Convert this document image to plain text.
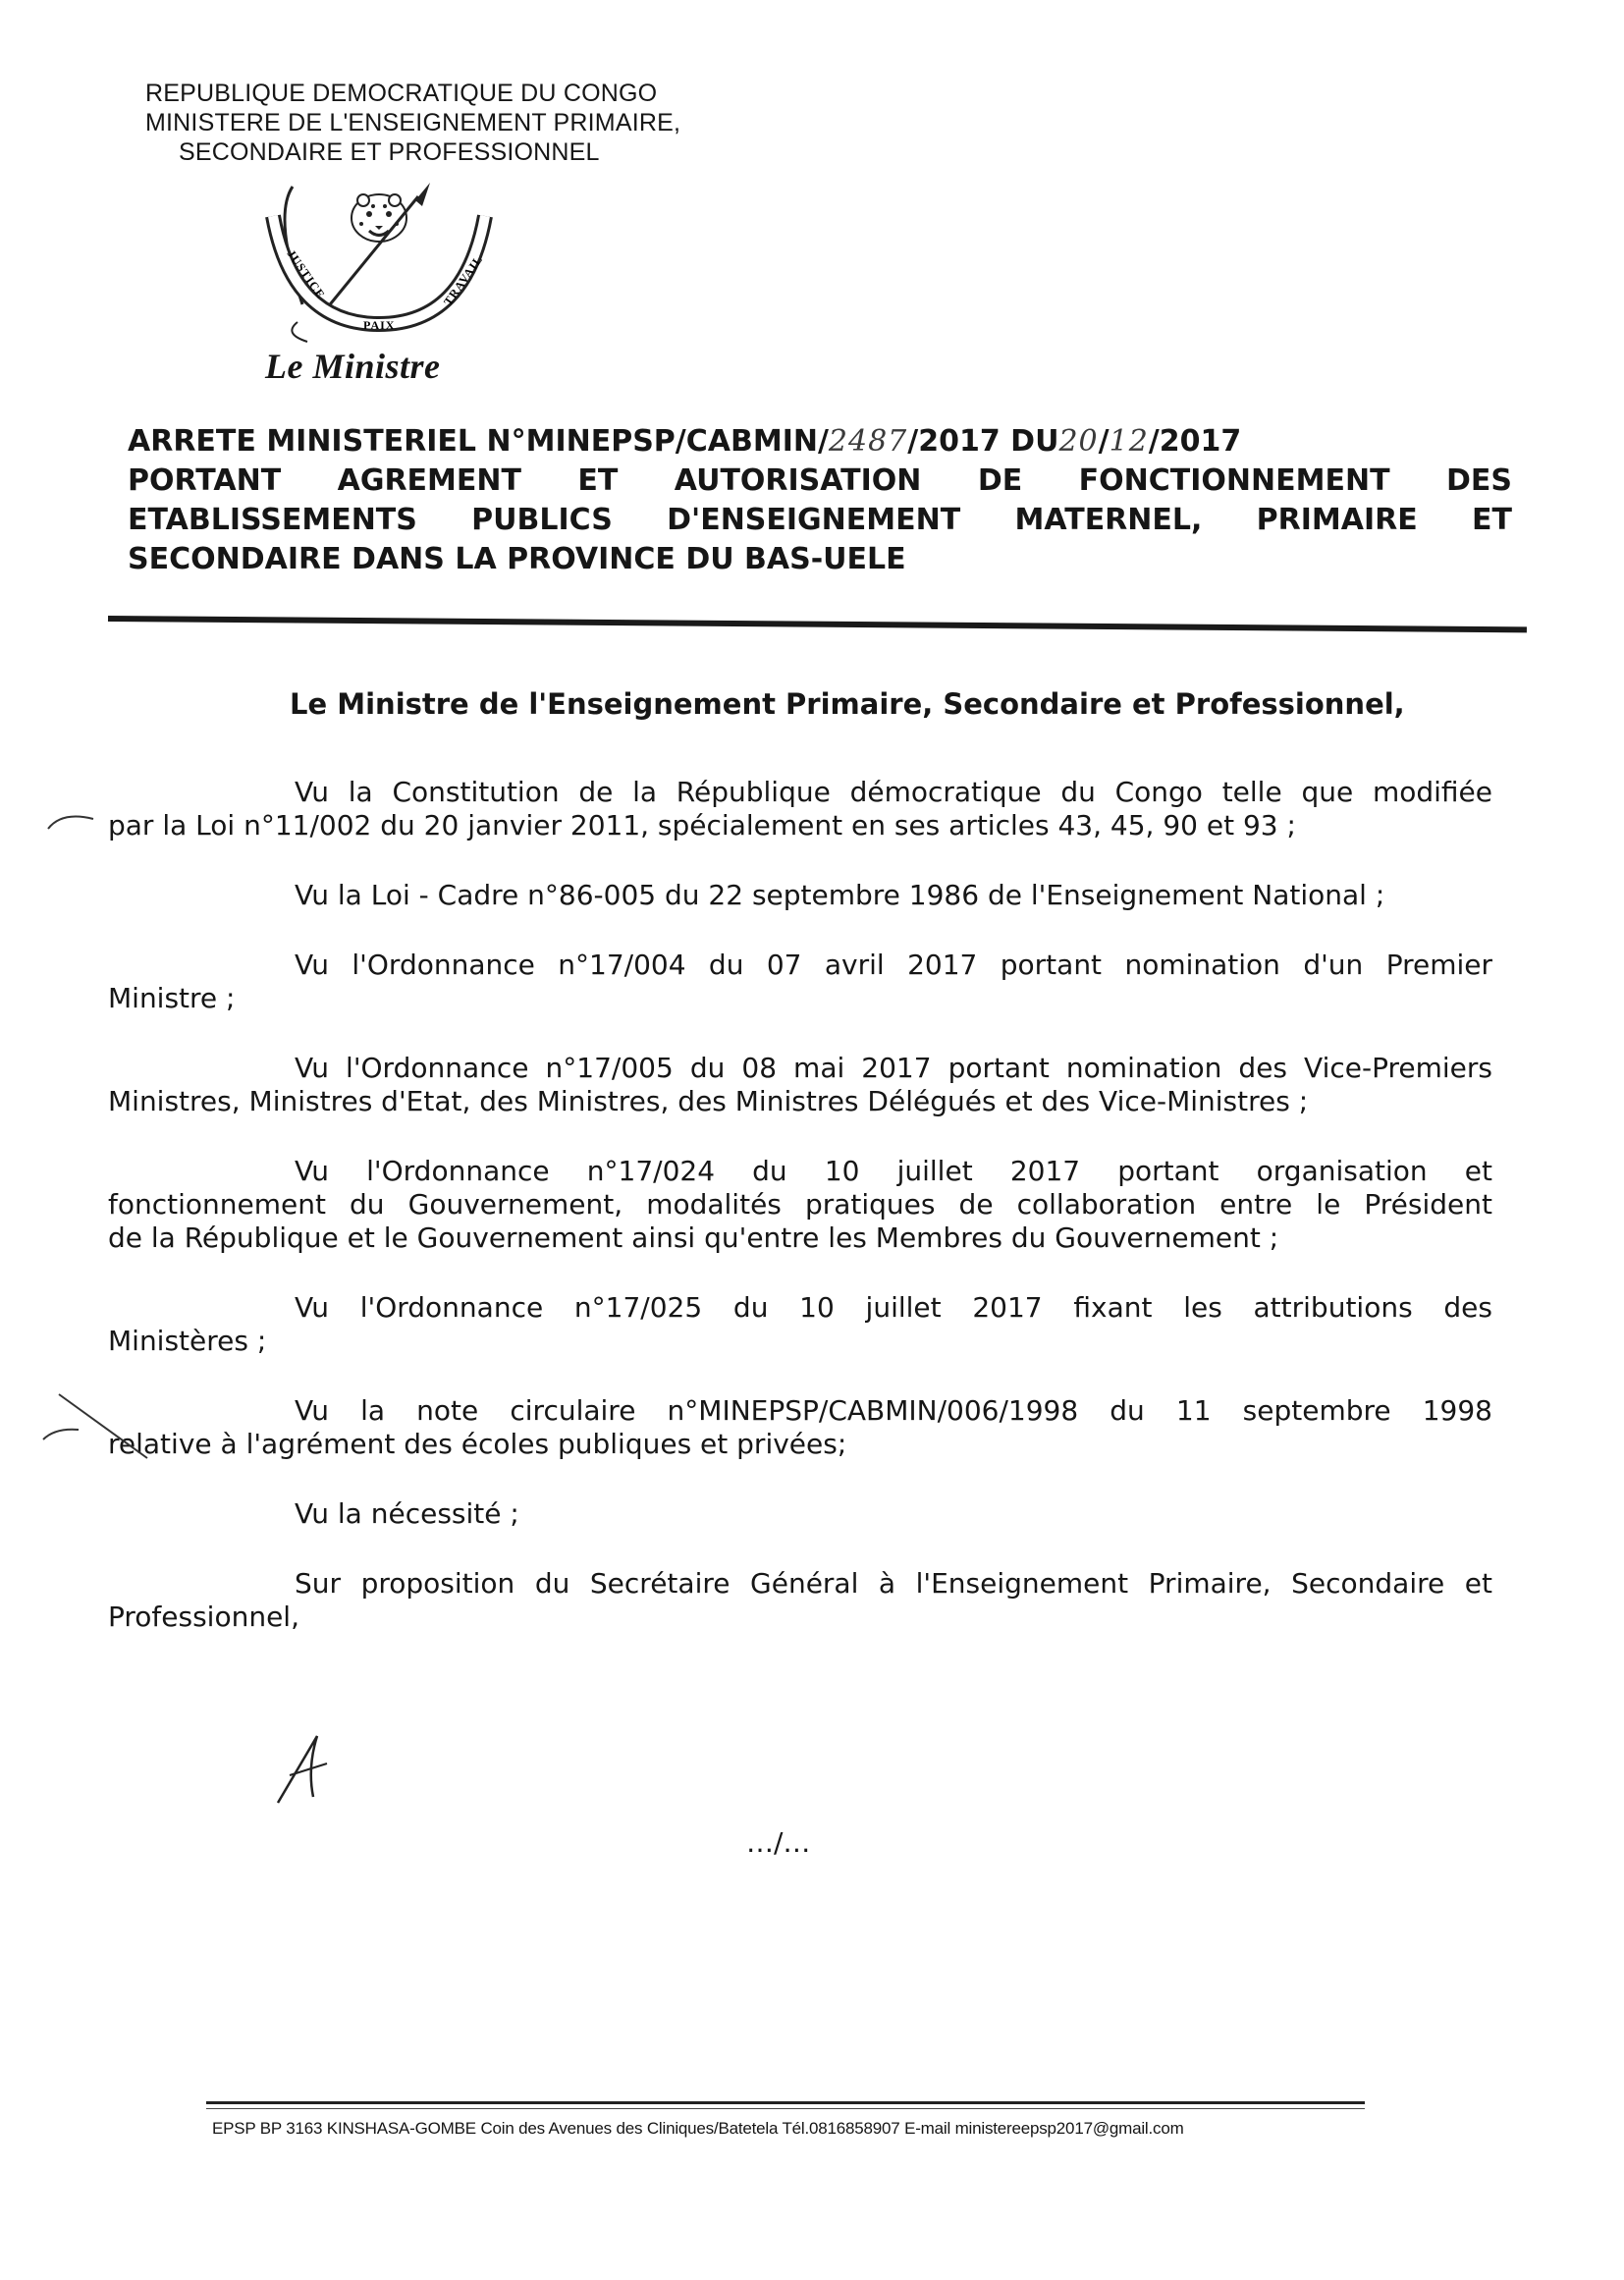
REPUBLIQUE DEMOCRATIQUE DU CONGO
MINISTERE DE L'ENSEIGNEMENT PRIMAIRE,
SECONDAIRE ET PROFESSIONNEL
JUSTICE
PAIX
TRAVAIL
Le Ministre
ARRETE MINISTERIEL N°MINEPSP/CABMIN/2487/2017 DU20/12/2017
PORTANT AGREMENT ET AUTORISATION DE FONCTIONNEMENT DES
ETABLISSEMENTS PUBLICS D'ENSEIGNEMENT MATERNEL, PRIMAIRE ET
SECONDAIRE DANS LA PROVINCE DU BAS-UELE
Le Ministre de l'Enseignement Primaire, Secondaire et Professionnel,
Vu la Constitution de la République démocratique du Congo telle que modifiée
par la Loi n°11/002 du 20 janvier 2011, spécialement en ses articles 43, 45, 90 et 93 ;
Vu la Loi - Cadre n°86-005 du 22 septembre 1986 de l'Enseignement National ;
Vu l'Ordonnance n°17/004 du 07 avril 2017 portant nomination d'un Premier
Ministre ;
Vu l'Ordonnance n°17/005 du 08 mai 2017 portant nomination des Vice-Premiers
Ministres, Ministres d'Etat, des Ministres, des Ministres Délégués et des Vice-Ministres ;
Vu l'Ordonnance n°17/024 du 10 juillet 2017 portant organisation et
fonctionnement du Gouvernement, modalités pratiques de collaboration entre le Président
de la République et le Gouvernement ainsi qu'entre les Membres du Gouvernement ;
Vu l'Ordonnance n°17/025 du 10 juillet 2017 fixant les attributions des
Ministères ;
Vu la note circulaire n°MINEPSP/CABMIN/006/1998 du 11 septembre 1998
relative à l'agrément des écoles publiques et privées;
Vu la nécessité ;
Sur proposition du Secrétaire Général à l'Enseignement Primaire, Secondaire et
Professionnel,
…/…
EPSP BP 3163 KINSHASA-GOMBE Coin des Avenues des Cliniques/Batetela Tél.0816858907 E-mail ministereepsp2017@gmail.com
